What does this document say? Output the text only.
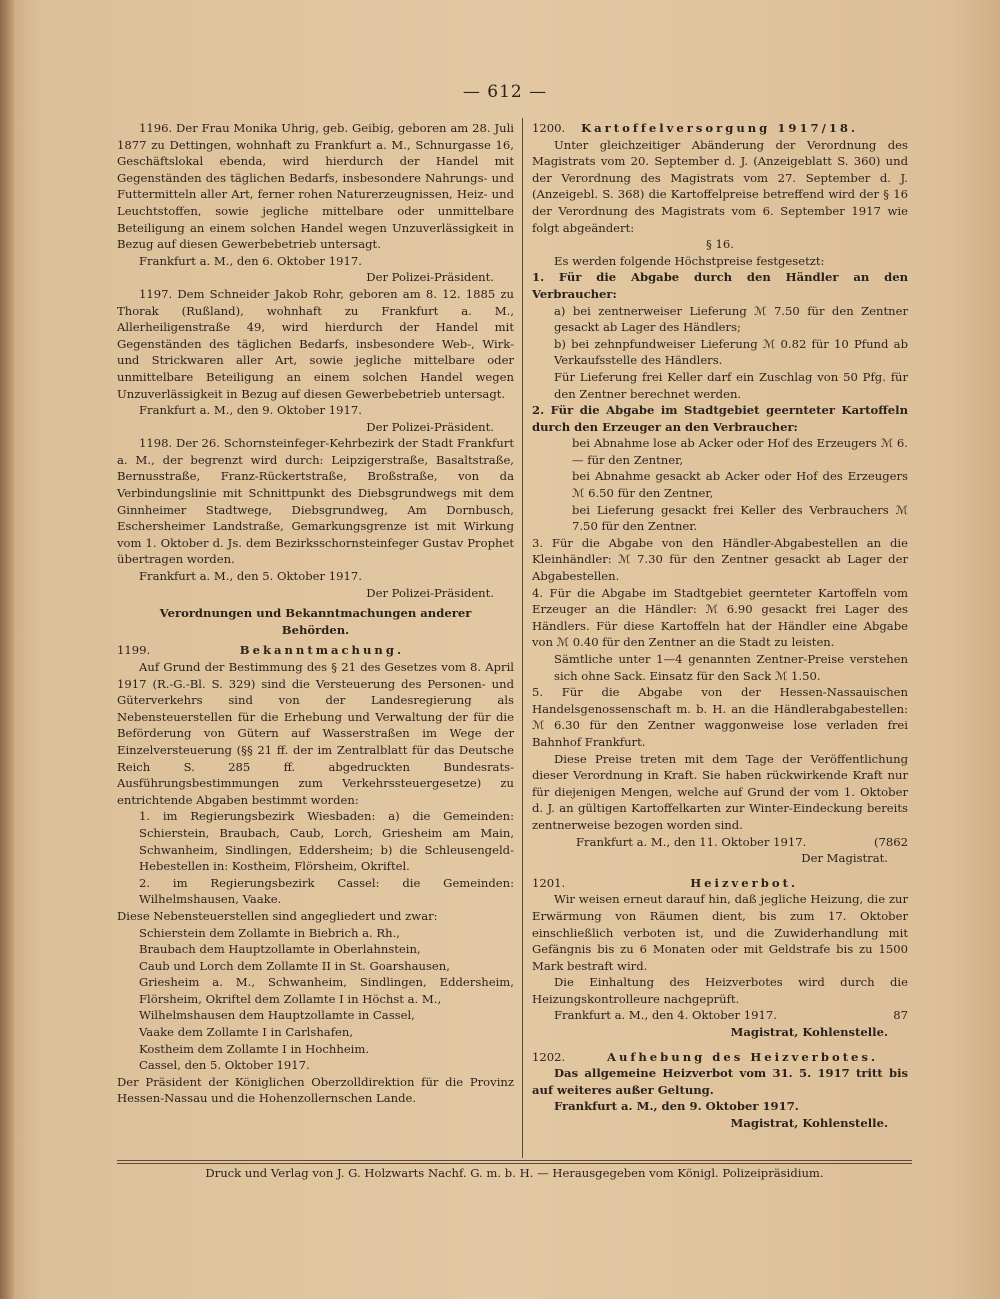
— 612 —

1196. Der Frau Monika Uhrig, geb. Geibig, geboren am 28. Juli 1877 zu Dettingen, wohnhaft zu Frankfurt a. M., Schnurgasse 16, Geschäftslokal ebenda, wird hierdurch der Handel mit Gegenständen des täglichen Bedarfs, insbesondere Nahrungs- und Futtermitteln aller Art, ferner rohen Naturerzeugnissen, Heiz- und Leuchtstoffen, sowie jegliche mittelbare oder unmittelbare Beteiligung an einem solchen Handel wegen Unzuverlässigkeit in Bezug auf diesen Gewerbebetrieb untersagt.

Frankfurt a. M., den 6. Oktober 1917.

Der Polizei-Präsident.

1197. Dem Schneider Jakob Rohr, geboren am 8. 12. 1885 zu Thorak (Rußland), wohnhaft zu Frankfurt a. M., Allerheiligenstraße 49, wird hierdurch der Handel mit Gegenständen des täglichen Bedarfs, insbesondere Web-, Wirk- und Strickwaren aller Art, sowie jegliche mittelbare oder unmittelbare Beteiligung an einem solchen Handel wegen Unzuverlässigkeit in Bezug auf diesen Gewerbebetrieb untersagt.

Frankfurt a. M., den 9. Oktober 1917.

Der Polizei-Präsident.

1198. Der 26. Schornsteinfeger-Kehrbezirk der Stadt Frankfurt a. M., der begrenzt wird durch: Leipzigerstraße, Basaltstraße, Bernusstraße, Franz-Rückertstraße, Broßstraße, von da Verbindungslinie mit Schnittpunkt des Diebsgrundwegs mit dem Ginnheimer Stadtwege, Diebsgrundweg, Am Dornbusch, Eschersheimer Landstraße, Gemarkungsgrenze ist mit Wirkung vom 1. Oktober d. Js. dem Bezirksschornsteinfeger Gustav Prophet übertragen worden.

Frankfurt a. M., den 5. Oktober 1917.

Der Polizei-Präsident.

Verordnungen und Bekanntmachungen anderer Behörden.

1199.	Bekanntmachung.

Auf Grund der Bestimmung des § 21 des Gesetzes vom 8. April 1917 (R.-G.-Bl. S. 329) sind die Versteuerung des Personen- und Güterverkehrs sind von der Landesregierung als Nebensteuerstellen für die Erhebung und Verwaltung der für die Beförderung von Gütern auf Wasserstraßen im Wege der Einzelversteuerung (§§ 21 ff. der im Zentralblatt für das Deutsche Reich S. 285 ff. abgedruckten Bundesrats-Ausführungsbestimmungen zum Verkehrssteuergesetze) zu entrichtende Abgaben bestimmt worden:

1. im Regierungsbezirk Wiesbaden: a) die Gemeinden: Schierstein, Braubach, Caub, Lorch, Griesheim am Main, Schwanheim, Sindlingen, Eddersheim; b) die Schleusengeld-Hebestellen in: Kostheim, Flörsheim, Okriftel.

2. im Regierungsbezirk Cassel: die Gemeinden: Wilhelmshausen, Vaake.

Diese Nebensteuerstellen sind angegliedert und zwar:

Schierstein dem Zollamte in Biebrich a. Rh.,

Braubach dem Hauptzollamte in Oberlahnstein,

Caub und Lorch dem Zollamte II in St. Goarshausen,

Griesheim a. M., Schwanheim, Sindlingen, Eddersheim, Flörsheim, Okriftel dem Zollamte I in Höchst a. M.,

Wilhelmshausen dem Hauptzollamte in Cassel,

Vaake dem Zollamte I in Carlshafen,

Kostheim dem Zollamte I in Hochheim.

Cassel, den 5. Oktober 1917.

Der Präsident der Königlichen Oberzolldirektion für die Provinz Hessen-Nassau und die Hohenzollernschen Lande.

1200. Kartoffelversorgung 1917/18.

Unter gleichzeitiger Abänderung der Verordnung des Magistrats vom 20. September d. J. (Anzeigeblatt S. 360) und der Verordnung des Magistrats vom 27. September d. J. (Anzeigebl. S. 368) die Kartoffelpreise betreffend wird der § 16 der Verordnung des Magistrats vom 6. September 1917 wie folgt abgeändert:

§ 16.

Es werden folgende Höchstpreise festgesetzt:

1. Für die Abgabe durch den Händler an den Verbraucher:

a) bei zentnerweiser Lieferung ℳ 7.50 für den Zentner gesackt ab Lager des Händlers;

b) bei zehnpfundweiser Lieferung ℳ 0.82 für 10 Pfund ab Verkaufsstelle des Händlers.

Für Lieferung frei Keller darf ein Zuschlag von 50 Pfg. für den Zentner berechnet werden.

2. Für die Abgabe im Stadtgebiet geernteter Kartoffeln durch den Erzeuger an den Verbraucher:

bei Abnahme lose ab Acker oder Hof des Erzeugers ℳ 6.— für den Zentner,

bei Abnahme gesackt ab Acker oder Hof des Erzeugers ℳ 6.50 für den Zentner,

bei Lieferung gesackt frei Keller des Verbrauchers ℳ 7.50 für den Zentner.

3. Für die Abgabe von den Händler-Abgabestellen an die Kleinhändler: ℳ 7.30 für den Zentner gesackt ab Lager der Abgabestellen.

4. Für die Abgabe im Stadtgebiet geernteter Kartoffeln vom Erzeuger an die Händler: ℳ 6.90 gesackt frei Lager des Händlers. Für diese Kartoffeln hat der Händler eine Abgabe von ℳ 0.40 für den Zentner an die Stadt zu leisten.

Sämtliche unter 1—4 genannten Zentner-Preise verstehen sich ohne Sack. Einsatz für den Sack ℳ 1.50.

5. Für die Abgabe von der Hessen-Nassauischen Handelsgenossenschaft m. b. H. an die Händlerabgabestellen: ℳ 6.30 für den Zentner waggonweise lose verladen frei Bahnhof Frankfurt.

Diese Preise treten mit dem Tage der Veröffentlichung dieser Verordnung in Kraft. Sie haben rückwirkende Kraft nur für diejenigen Mengen, welche auf Grund der vom 1. Oktober d. J. an gültigen Kartoffelkarten zur Winter-Eindeckung bereits zentnerweise bezogen worden sind.

Frankfurt a. M., den 11. Oktober 1917.	(7862

Der Magistrat.

1201.	Heizverbot.

Wir weisen erneut darauf hin, daß jegliche Heizung, die zur Erwärmung von Räumen dient, bis zum 17. Oktober einschließlich verboten ist, und die Zuwiderhandlung mit Gefängnis bis zu 6 Monaten oder mit Geldstrafe bis zu 1500 Mark bestraft wird.

Die Einhaltung des Heizverbotes wird durch die Heizungskontrolleure nachgeprüft.

Frankfurt a. M., den 4. Oktober 1917.	87

Magistrat, Kohlenstelle.

1202.	Aufhebung des Heizverbotes.

Das allgemeine Heizverbot vom 31. 5. 1917 tritt bis auf weiteres außer Geltung.

Frankfurt a. M., den 9. Oktober 1917.

Magistrat, Kohlenstelle.

Druck und Verlag von J. G. Holzwarts Nachf. G. m. b. H. — Herausgegeben vom Königl. Polizeipräsidium.
